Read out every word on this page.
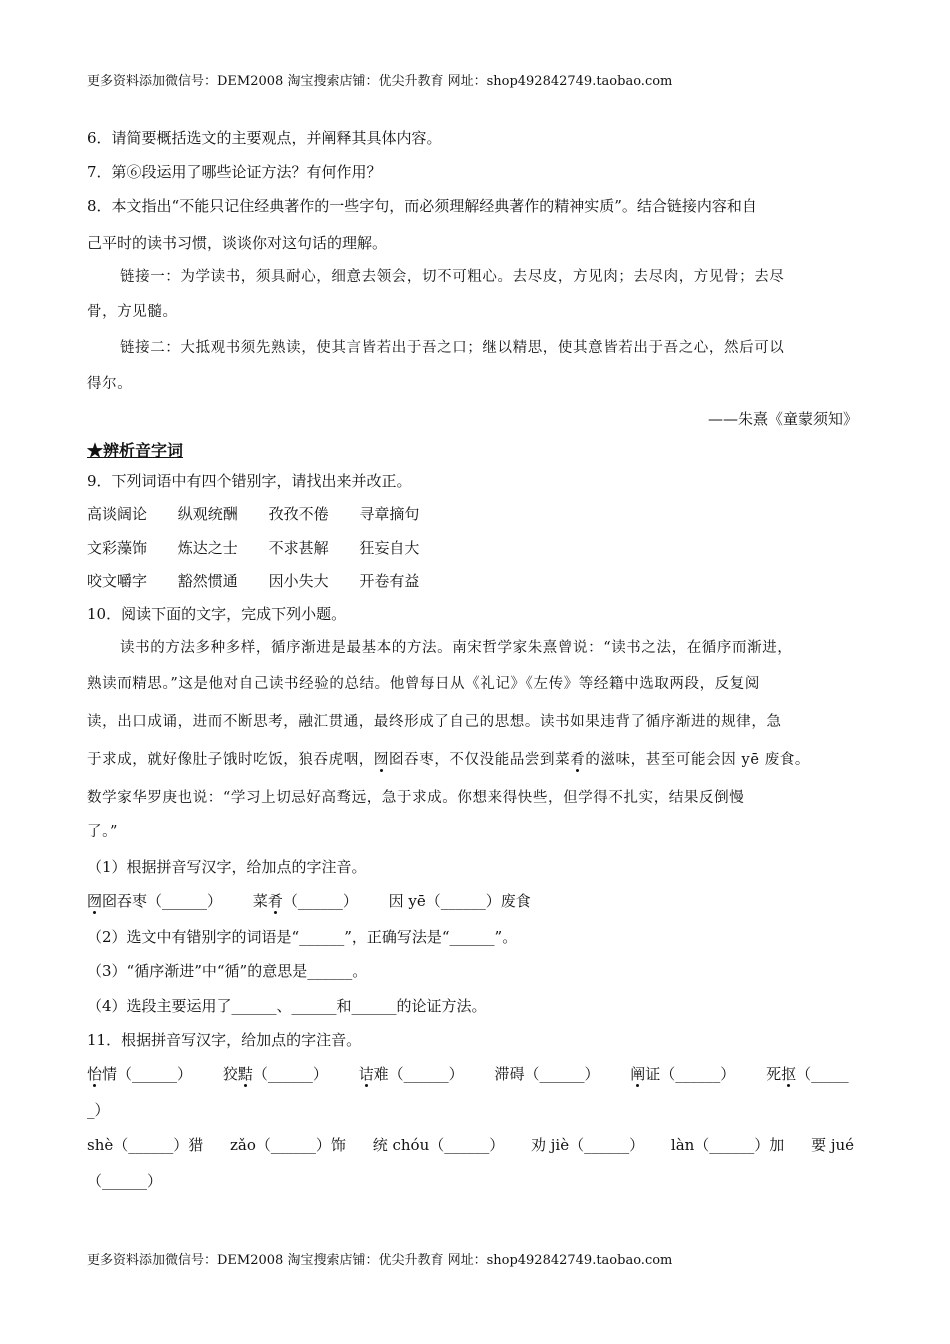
更多资料添加微信号：DEM2008 淘宝搜索店铺：优尖升教育 网址：shop492842749.taobao.com
6．请简要概括选文的主要观点，并阐释其具体内容。
7．第⑥段运用了哪些论证方法？有何作用？
8．本文指出“不能只记住经典著作的一些字句，而必须理解经典著作的精神实质”。结合链接内容和自
己平时的读书习惯，谈谈你对这句话的理解。
链接一：为学读书，须具耐心，细意去领会，切不可粗心。去尽皮，方见肉；去尽肉，方见骨；去尽
骨，方见髓。
链接二：大抵观书须先熟读，使其言皆若出于吾之口；继以精思，使其意皆若出于吾之心，然后可以
得尔。
——朱熹《童蒙须知》
★辨析音字词
9．下列词语中有四个错别字，请找出来并改正。
高谈阔论 纵观统酬 孜孜不倦 寻章摘句
文彩藻饰 炼达之士 不求甚解 狂妄自大
咬文嚼字 豁然惯通 因小失大 开卷有益
10．阅读下面的文字，完成下列小题。
读书的方法多种多样，循序渐进是最基本的方法。南宋哲学家朱熹曾说：“读书之法，在循序而渐进，
熟读而精思。”这是他对自己读书经验的总结。他曾每日从《礼记》《左传》等经籍中选取两段，反复阅
读，出口成诵，进而不断思考，融汇贯通，最终形成了自己的思想。读书如果违背了循序渐进的规律，急
于求成，就好像肚子饿时吃饭，狼吞虎咽，囫囵吞枣，不仅没能品尝到菜肴的滋味，甚至可能会因 yē 废食。
数学家华罗庚也说：“学习上切忌好高骛远，急于求成。你想来得快些，但学得不扎实，结果反倒慢
了。”
（1）根据拼音写汉字，给加点的字注音。
囫囵吞枣（______） 菜肴（______） 因 yē（______）废食
（2）选文中有错别字的词语是“______”，正确写法是“______”。
（3）“循序渐进”中“循”的意思是______。
（4）选段主要运用了______、______和______的论证方法。
11．根据拼音写汉字，给加点的字注音。
怡情（______） 狡黠（______） 诘难（______） 滞碍（______） 阐证（______） 死抠（_____
_）
shè（______）猎 zǎo（______）饰 统 chóu（______） 劝 jiè（______） làn（______）加 要 jué
（______）
更多资料添加微信号：DEM2008 淘宝搜索店铺：优尖升教育 网址：shop492842749.taobao.com
